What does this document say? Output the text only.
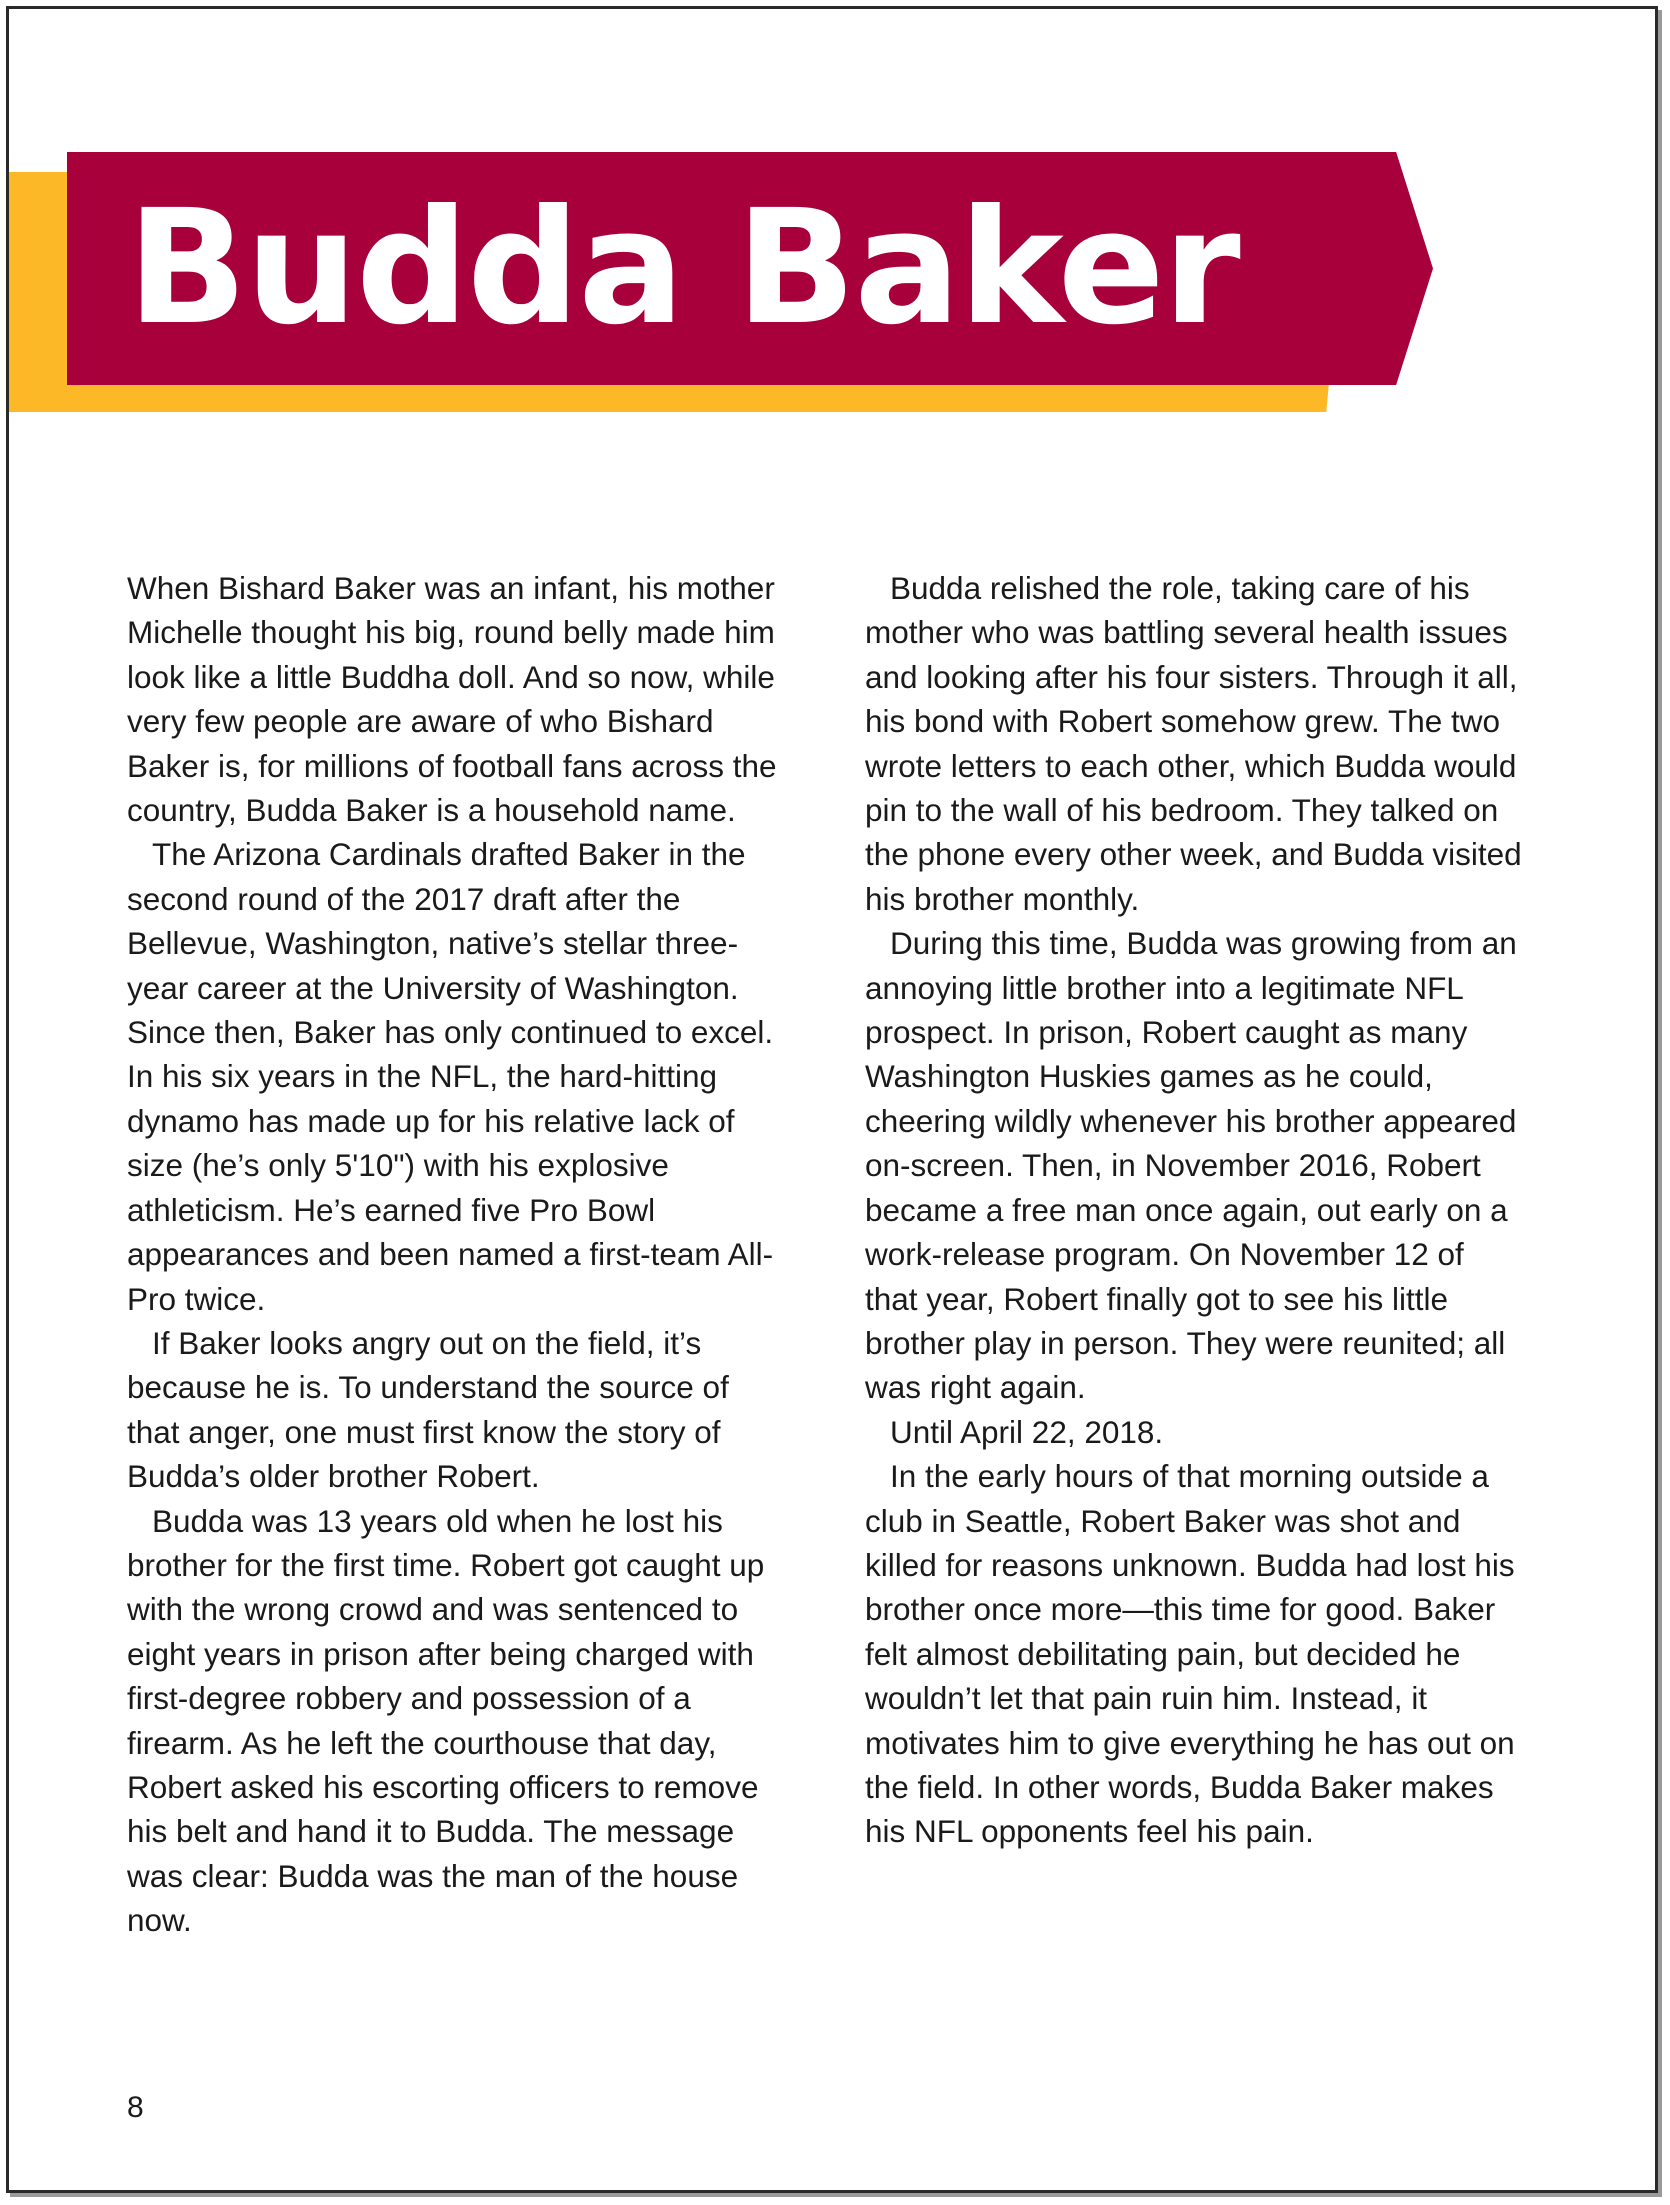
Budda Baker

When Bishard Baker was an infant, his mother Michelle thought his big, round belly made him look like a little Buddha doll. And so now, while very few people are aware of who Bishard Baker is, for millions of football fans across the country, Budda Baker is a household name.

The Arizona Cardinals drafted Baker in the second round of the 2017 draft after the Bellevue, Washington, native’s stellar three-year career at the University of Washington. Since then, Baker has only continued to excel. In his six years in the NFL, the hard-hitting dynamo has made up for his relative lack of size (he’s only 5'10") with his explosive athleticism. He’s earned five Pro Bowl appearances and been named a first-team All-Pro twice.

If Baker looks angry out on the field, it’s because he is. To understand the source of that anger, one must first know the story of Budda’s older brother Robert.

Budda was 13 years old when he lost his brother for the first time. Robert got caught up with the wrong crowd and was sentenced to eight years in prison after being charged with first-degree robbery and possession of a firearm. As he left the courthouse that day, Robert asked his escorting officers to remove his belt and hand it to Budda. The message was clear: Budda was the man of the house now.

Budda relished the role, taking care of his mother who was battling several health issues and looking after his four sisters. Through it all, his bond with Robert somehow grew. The two wrote letters to each other, which Budda would pin to the wall of his bedroom. They talked on the phone every other week, and Budda visited his brother monthly.

During this time, Budda was growing from an annoying little brother into a legitimate NFL prospect. In prison, Robert caught as many Washington Huskies games as he could, cheering wildly whenever his brother appeared on-screen. Then, in November 2016, Robert became a free man once again, out early on a work-release program. On November 12 of that year, Robert finally got to see his little brother play in person. They were reunited; all was right again.

Until April 22, 2018.

In the early hours of that morning outside a club in Seattle, Robert Baker was shot and killed for reasons unknown. Budda had lost his brother once more—this time for good. Baker felt almost debilitating pain, but decided he wouldn’t let that pain ruin him. Instead, it motivates him to give everything he has out on the field. In other words, Budda Baker makes his NFL opponents feel his pain.

8
